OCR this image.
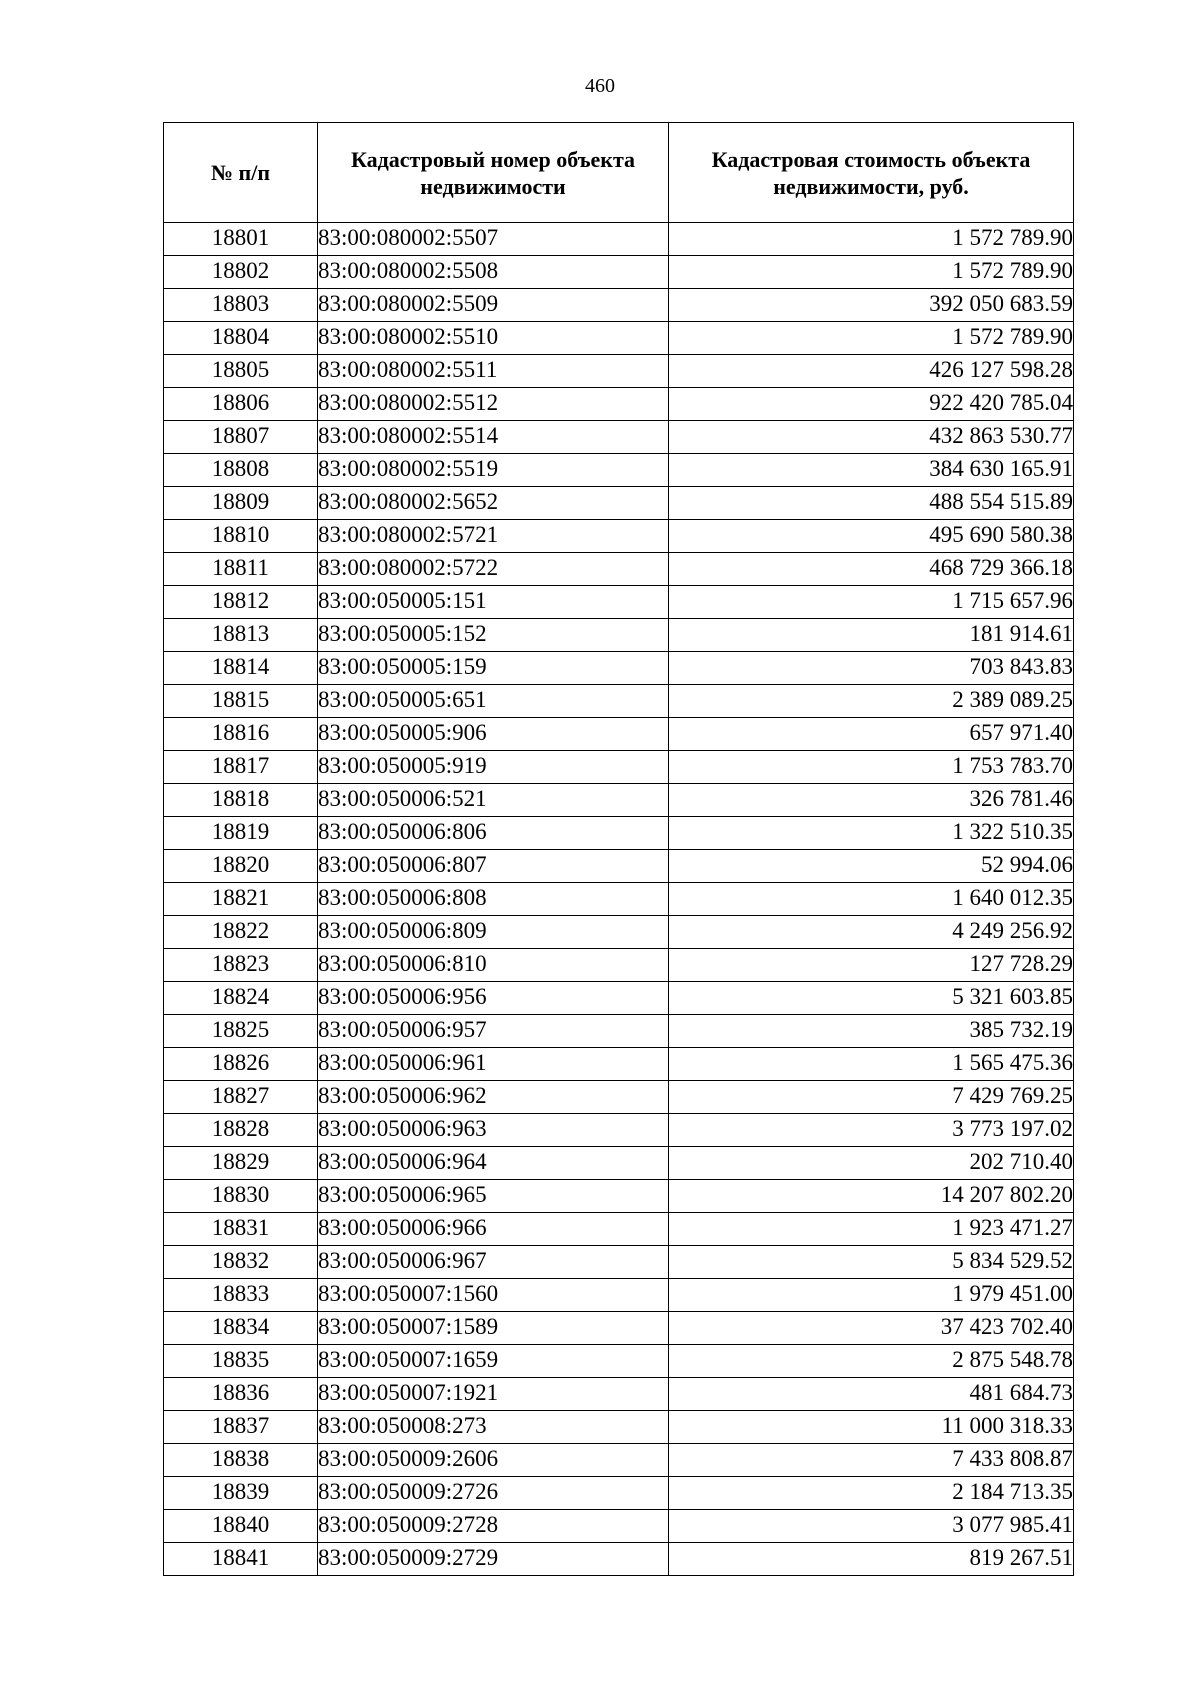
460
№ п/п	Кадастровый номер объекта недвижимости	Кадастровая стоимость объекта недвижимости, руб.
18801	83:00:080002:5507	1 572 789.90
18802	83:00:080002:5508	1 572 789.90
18803	83:00:080002:5509	392 050 683.59
18804	83:00:080002:5510	1 572 789.90
18805	83:00:080002:5511	426 127 598.28
18806	83:00:080002:5512	922 420 785.04
18807	83:00:080002:5514	432 863 530.77
18808	83:00:080002:5519	384 630 165.91
18809	83:00:080002:5652	488 554 515.89
18810	83:00:080002:5721	495 690 580.38
18811	83:00:080002:5722	468 729 366.18
18812	83:00:050005:151	1 715 657.96
18813	83:00:050005:152	181 914.61
18814	83:00:050005:159	703 843.83
18815	83:00:050005:651	2 389 089.25
18816	83:00:050005:906	657 971.40
18817	83:00:050005:919	1 753 783.70
18818	83:00:050006:521	326 781.46
18819	83:00:050006:806	1 322 510.35
18820	83:00:050006:807	52 994.06
18821	83:00:050006:808	1 640 012.35
18822	83:00:050006:809	4 249 256.92
18823	83:00:050006:810	127 728.29
18824	83:00:050006:956	5 321 603.85
18825	83:00:050006:957	385 732.19
18826	83:00:050006:961	1 565 475.36
18827	83:00:050006:962	7 429 769.25
18828	83:00:050006:963	3 773 197.02
18829	83:00:050006:964	202 710.40
18830	83:00:050006:965	14 207 802.20
18831	83:00:050006:966	1 923 471.27
18832	83:00:050006:967	5 834 529.52
18833	83:00:050007:1560	1 979 451.00
18834	83:00:050007:1589	37 423 702.40
18835	83:00:050007:1659	2 875 548.78
18836	83:00:050007:1921	481 684.73
18837	83:00:050008:273	11 000 318.33
18838	83:00:050009:2606	7 433 808.87
18839	83:00:050009:2726	2 184 713.35
18840	83:00:050009:2728	3 077 985.41
18841	83:00:050009:2729	819 267.51
